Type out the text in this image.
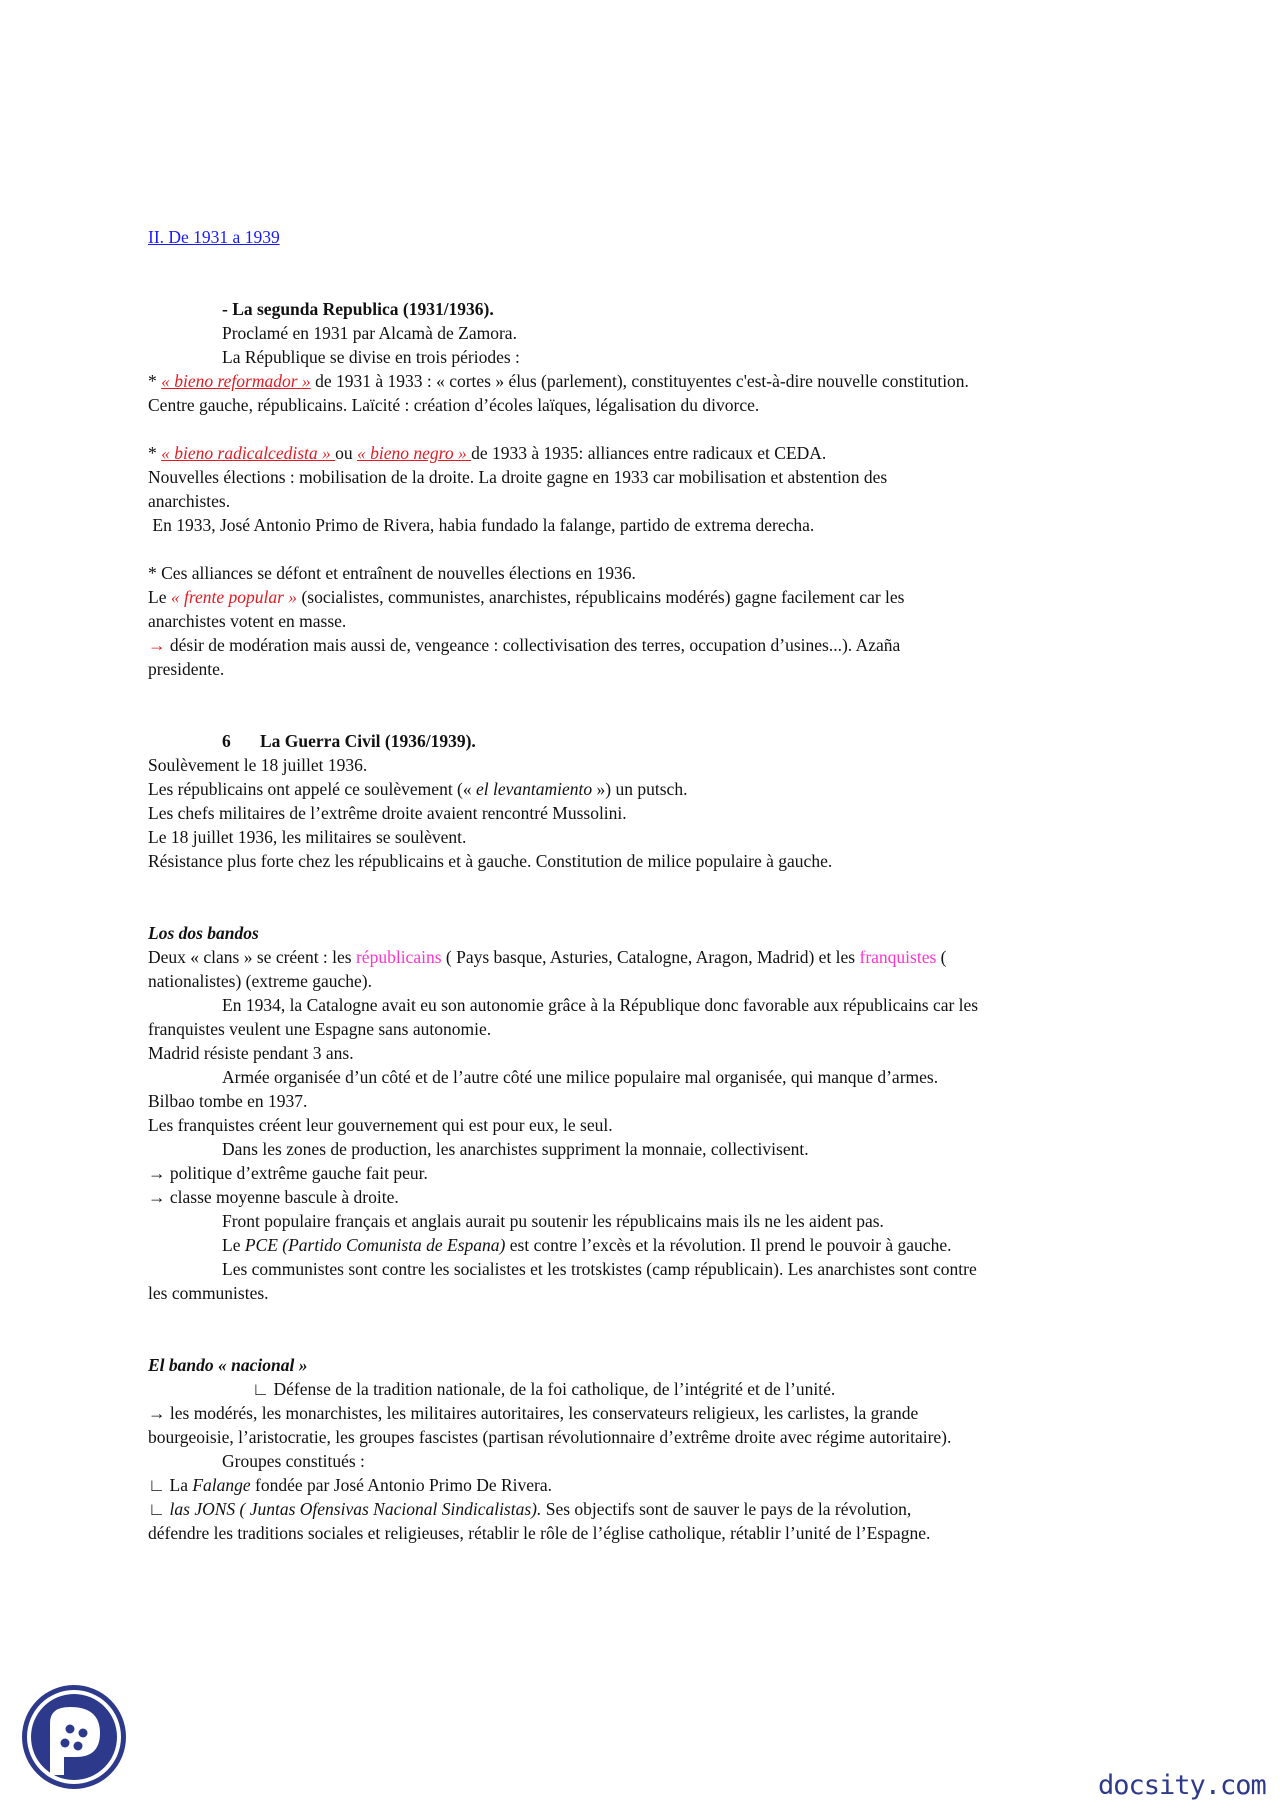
II. De 1931 a 1939
- La segunda Republica (1931/1936).
Proclamé en 1931 par Alcamà de Zamora.
La République se divise en trois périodes :
* « bieno reformador » de 1931 à 1933 : « cortes » élus (parlement), constituyentes c'est-à-dire nouvelle constitution.
Centre gauche, républicains. Laïcité : création d’écoles laïques, légalisation du divorce.
* « bieno radicalcedista » ou « bieno negro » de 1933 à 1935: alliances entre radicaux et CEDA.
Nouvelles élections : mobilisation de la droite. La droite gagne en 1933 car mobilisation et abstention des
anarchistes.
En 1933, José Antonio Primo de Rivera, habia fundado la falange, partido de extrema derecha.
* Ces alliances se défont et entraînent de nouvelles élections en 1936.
Le « frente popular » (socialistes, communistes, anarchistes, républicains modérés) gagne facilement car les
anarchistes votent en masse.
→ désir de modération mais aussi de, vengeance : collectivisation des terres, occupation d’usines...). Azaña
presidente.
6 La Guerra Civil (1936/1939).
Soulèvement le 18 juillet 1936.
Les républicains ont appelé ce soulèvement (« el levantamiento ») un putsch.
Les chefs militaires de l’extrême droite avaient rencontré Mussolini.
Le 18 juillet 1936, les militaires se soulèvent.
Résistance plus forte chez les républicains et à gauche. Constitution de milice populaire à gauche.
Los dos bandos
Deux « clans » se créent : les républicains ( Pays basque, Asturies, Catalogne, Aragon, Madrid) et les franquistes (
nationalistes) (extreme gauche).
En 1934, la Catalogne avait eu son autonomie grâce à la République donc favorable aux républicains car les
franquistes veulent une Espagne sans autonomie.
Madrid résiste pendant 3 ans.
Armée organisée d’un côté et de l’autre côté une milice populaire mal organisée, qui manque d’armes.
Bilbao tombe en 1937.
Les franquistes créent leur gouvernement qui est pour eux, le seul.
Dans les zones de production, les anarchistes suppriment la monnaie, collectivisent.
→ politique d’extrême gauche fait peur.
→ classe moyenne bascule à droite.
Front populaire français et anglais aurait pu soutenir les républicains mais ils ne les aident pas.
Le PCE (Partido Comunista de Espana) est contre l’excès et la révolution. Il prend le pouvoir à gauche.
Les communistes sont contre les socialistes et les trotskistes (camp républicain). Les anarchistes sont contre
les communistes.
El bando « nacional »
∟ Défense de la tradition nationale, de la foi catholique, de l’intégrité et de l’unité.
→ les modérés, les monarchistes, les militaires autoritaires, les conservateurs religieux, les carlistes, la grande
bourgeoisie, l’aristocratie, les groupes fascistes (partisan révolutionnaire d’extrême droite avec régime autoritaire).
Groupes constitués :
∟ La Falange fondée par José Antonio Primo De Rivera.
∟ las JONS ( Juntas Ofensivas Nacional Sindicalistas). Ses objectifs sont de sauver le pays de la révolution,
défendre les traditions sociales et religieuses, rétablir le rôle de l’église catholique, rétablir l’unité de l’Espagne.
docsity.com
